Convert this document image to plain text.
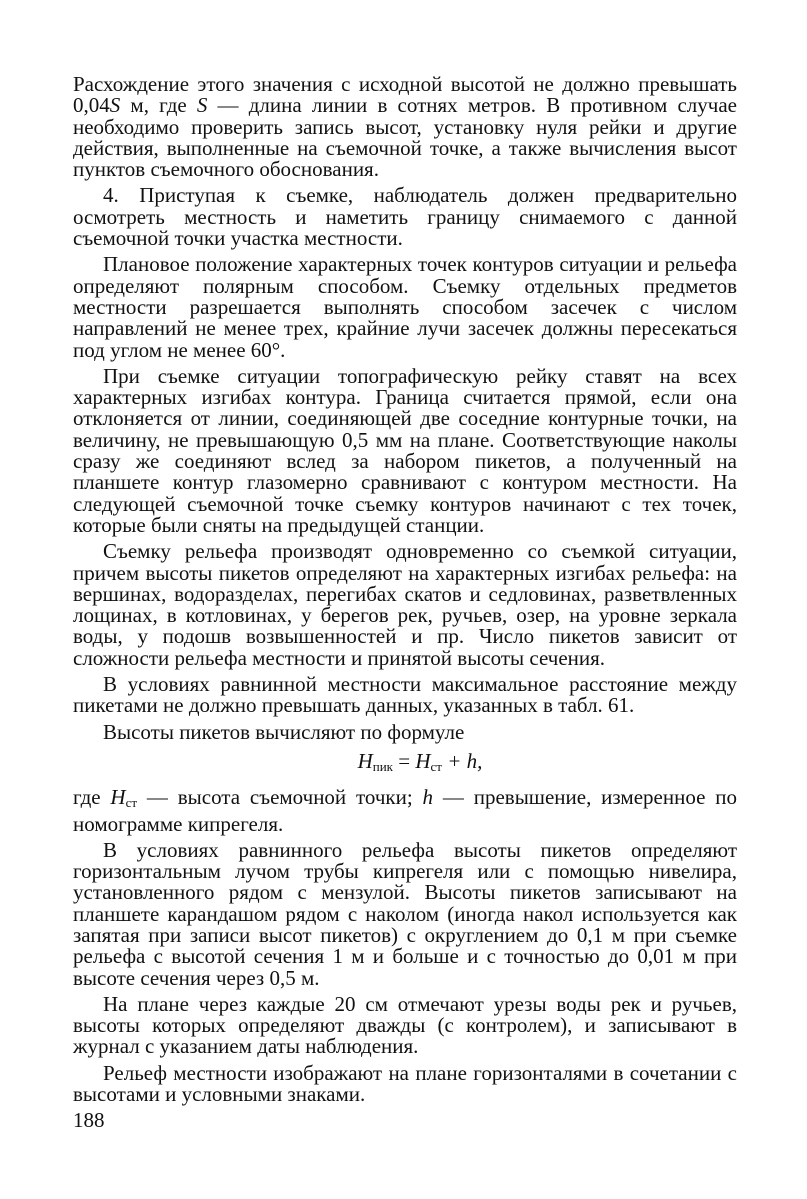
Расхождение этого значения с исходной высотой не должно превышать 0,04S м, где S — длина линии в сотнях метров. В противном случае необходимо проверить запись высот, установку нуля рейки и другие действия, выполненные на съемочной точке, а также вычисления высот пунктов съемочного обоснования.

4. Приступая к съемке, наблюдатель должен предварительно осмотреть местность и наметить границу снимаемого с данной съемочной точки участка местности.

Плановое положение характерных точек контуров ситуации и рельефа определяют полярным способом. Съемку отдельных предметов местности разрешается выполнять способом засечек с числом направлений не менее трех, крайние лучи засечек должны пересекаться под углом не менее 60°.

При съемке ситуации топографическую рейку ставят на всех характерных изгибах контура. Граница считается прямой, если она отклоняется от линии, соединяющей две соседние контурные точки, на величину, не превышающую 0,5 мм на плане. Соответствующие наколы сразу же соединяют вслед за набором пикетов, а полученный на планшете контур глазомерно сравнивают с контуром местности. На следующей съемочной точке съемку контуров начинают с тех точек, которые были сняты на предыдущей станции.

Съемку рельефа производят одновременно со съемкой ситуации, причем высоты пикетов определяют на характерных изгибах рельефа: на вершинах, водоразделах, перегибах скатов и седловинах, разветвленных лощинах, в котловинах, у берегов рек, ручьев, озер, на уровне зеркала воды, у подошв возвышенностей и пр. Число пикетов зависит от сложности рельефа местности и принятой высоты сечения.

В условиях равнинной местности максимальное расстояние между пикетами не должно превышать данных, указанных в табл. 61.

Высоты пикетов вычисляют по формуле

$H_{пик} = H_{ст} + h$,

где $H_{ст}$ — высота съемочной точки; h — превышение, измеренное по номограмме кипрегеля.

В условиях равнинного рельефа высоты пикетов определяют горизонтальным лучом трубы кипрегеля или с помощью нивелира, установленного рядом с мензулой. Высоты пикетов записывают на планшете карандашом рядом с наколом (иногда накол используется как запятая при записи высот пикетов) с округлением до 0,1 м при съемке рельефа с высотой сечения 1 м и больше и с точностью до 0,01 м при высоте сечения через 0,5 м.

На плане через каждые 20 см отмечают урезы воды рек и ручьев, высоты которых определяют дважды (с контролем), и записывают в журнал с указанием даты наблюдения.

Рельеф местности изображают на плане горизонталями в сочетании с высотами и условными знаками.

188
